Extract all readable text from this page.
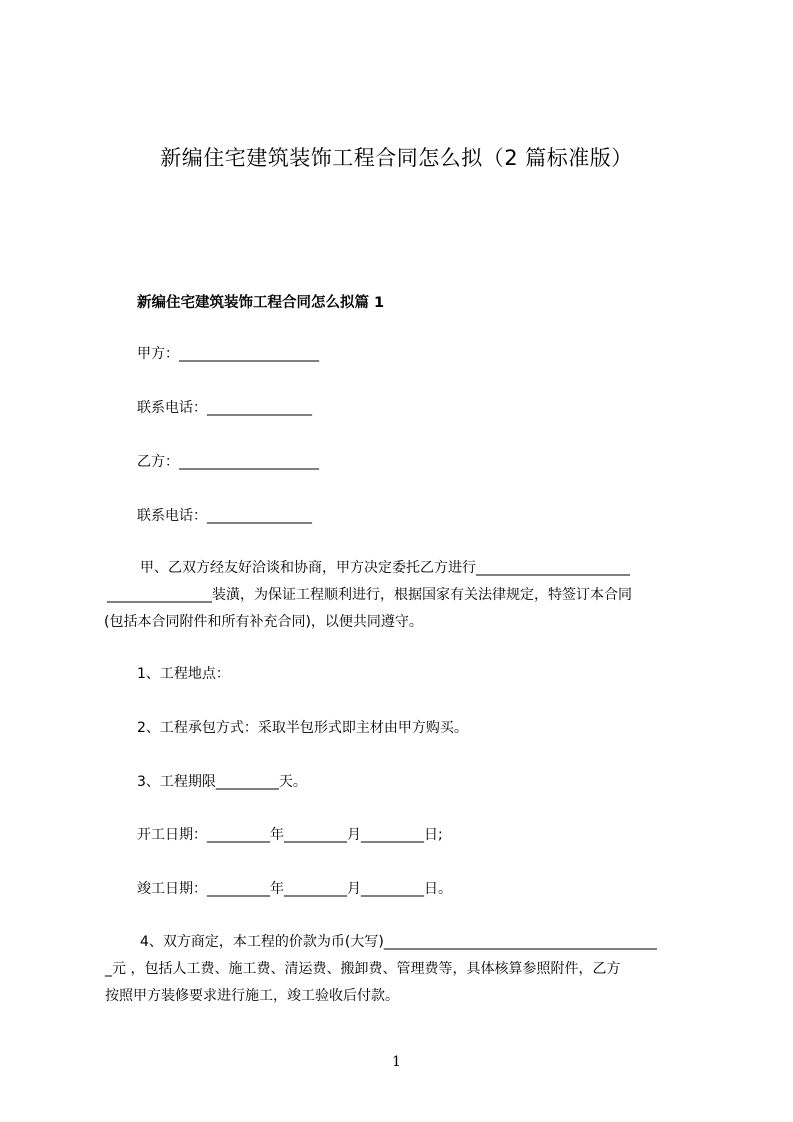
新编住宅建筑装饰工程合同怎么拟（2 篇标准版）
新编住宅建筑装饰工程合同怎么拟篇 1
甲方：____________________
联系电话：_______________
乙方：____________________
联系电话：_______________
甲、乙双方经友好洽谈和协商，甲方决定委托乙方进行______________________
_______________装潢，为保证工程顺利进行，根据国家有关法律规定，特签订本合同
(包括本合同附件和所有补充合同)，以便共同遵守。
1、工程地点：
2、工程承包方式：采取半包形式即主材由甲方购买。
3、工程期限_________天。
开工日期：_________年_________月_________日;
竣工日期：_________年_________月_________日。
4、双方商定，本工程的价款为币(大写)_______________________________________
_元 ，包括人工费、施工费、清运费、搬卸费、管理费等，具体核算参照附件，乙方
按照甲方装修要求进行施工，竣工验收后付款。
1
